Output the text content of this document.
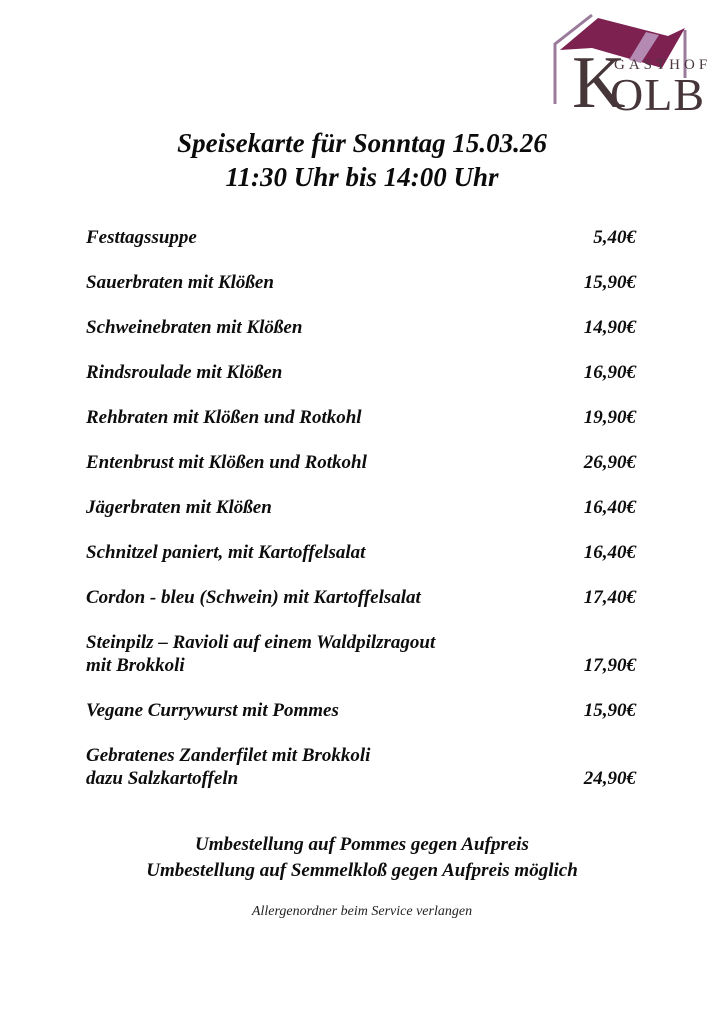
K
GASTHOF
OLB
Speisekarte für Sonntag 15.03.26
11:30 Uhr bis 14:00 Uhr
Festtagssuppe	5,40€
Sauerbraten mit Klößen	15,90€
Schweinebraten mit Klößen	14,90€
Rindsroulade mit Klößen	16,90€
Rehbraten mit Klößen und Rotkohl	19,90€
Entenbrust mit Klößen und Rotkohl	26,90€
Jägerbraten mit Klößen	16,40€
Schnitzel paniert, mit Kartoffelsalat	16,40€
Cordon - bleu (Schwein) mit Kartoffelsalat	17,40€
Steinpilz – Ravioli auf einem Waldpilzragout
mit Brokkoli	17,90€
Vegane Currywurst mit Pommes	15,90€
Gebratenes Zanderfilet mit Brokkoli
dazu Salzkartoffeln	24,90€
Umbestellung auf Pommes gegen Aufpreis
Umbestellung auf Semmelkloß gegen Aufpreis möglich
Allergenordner beim Service verlangen
